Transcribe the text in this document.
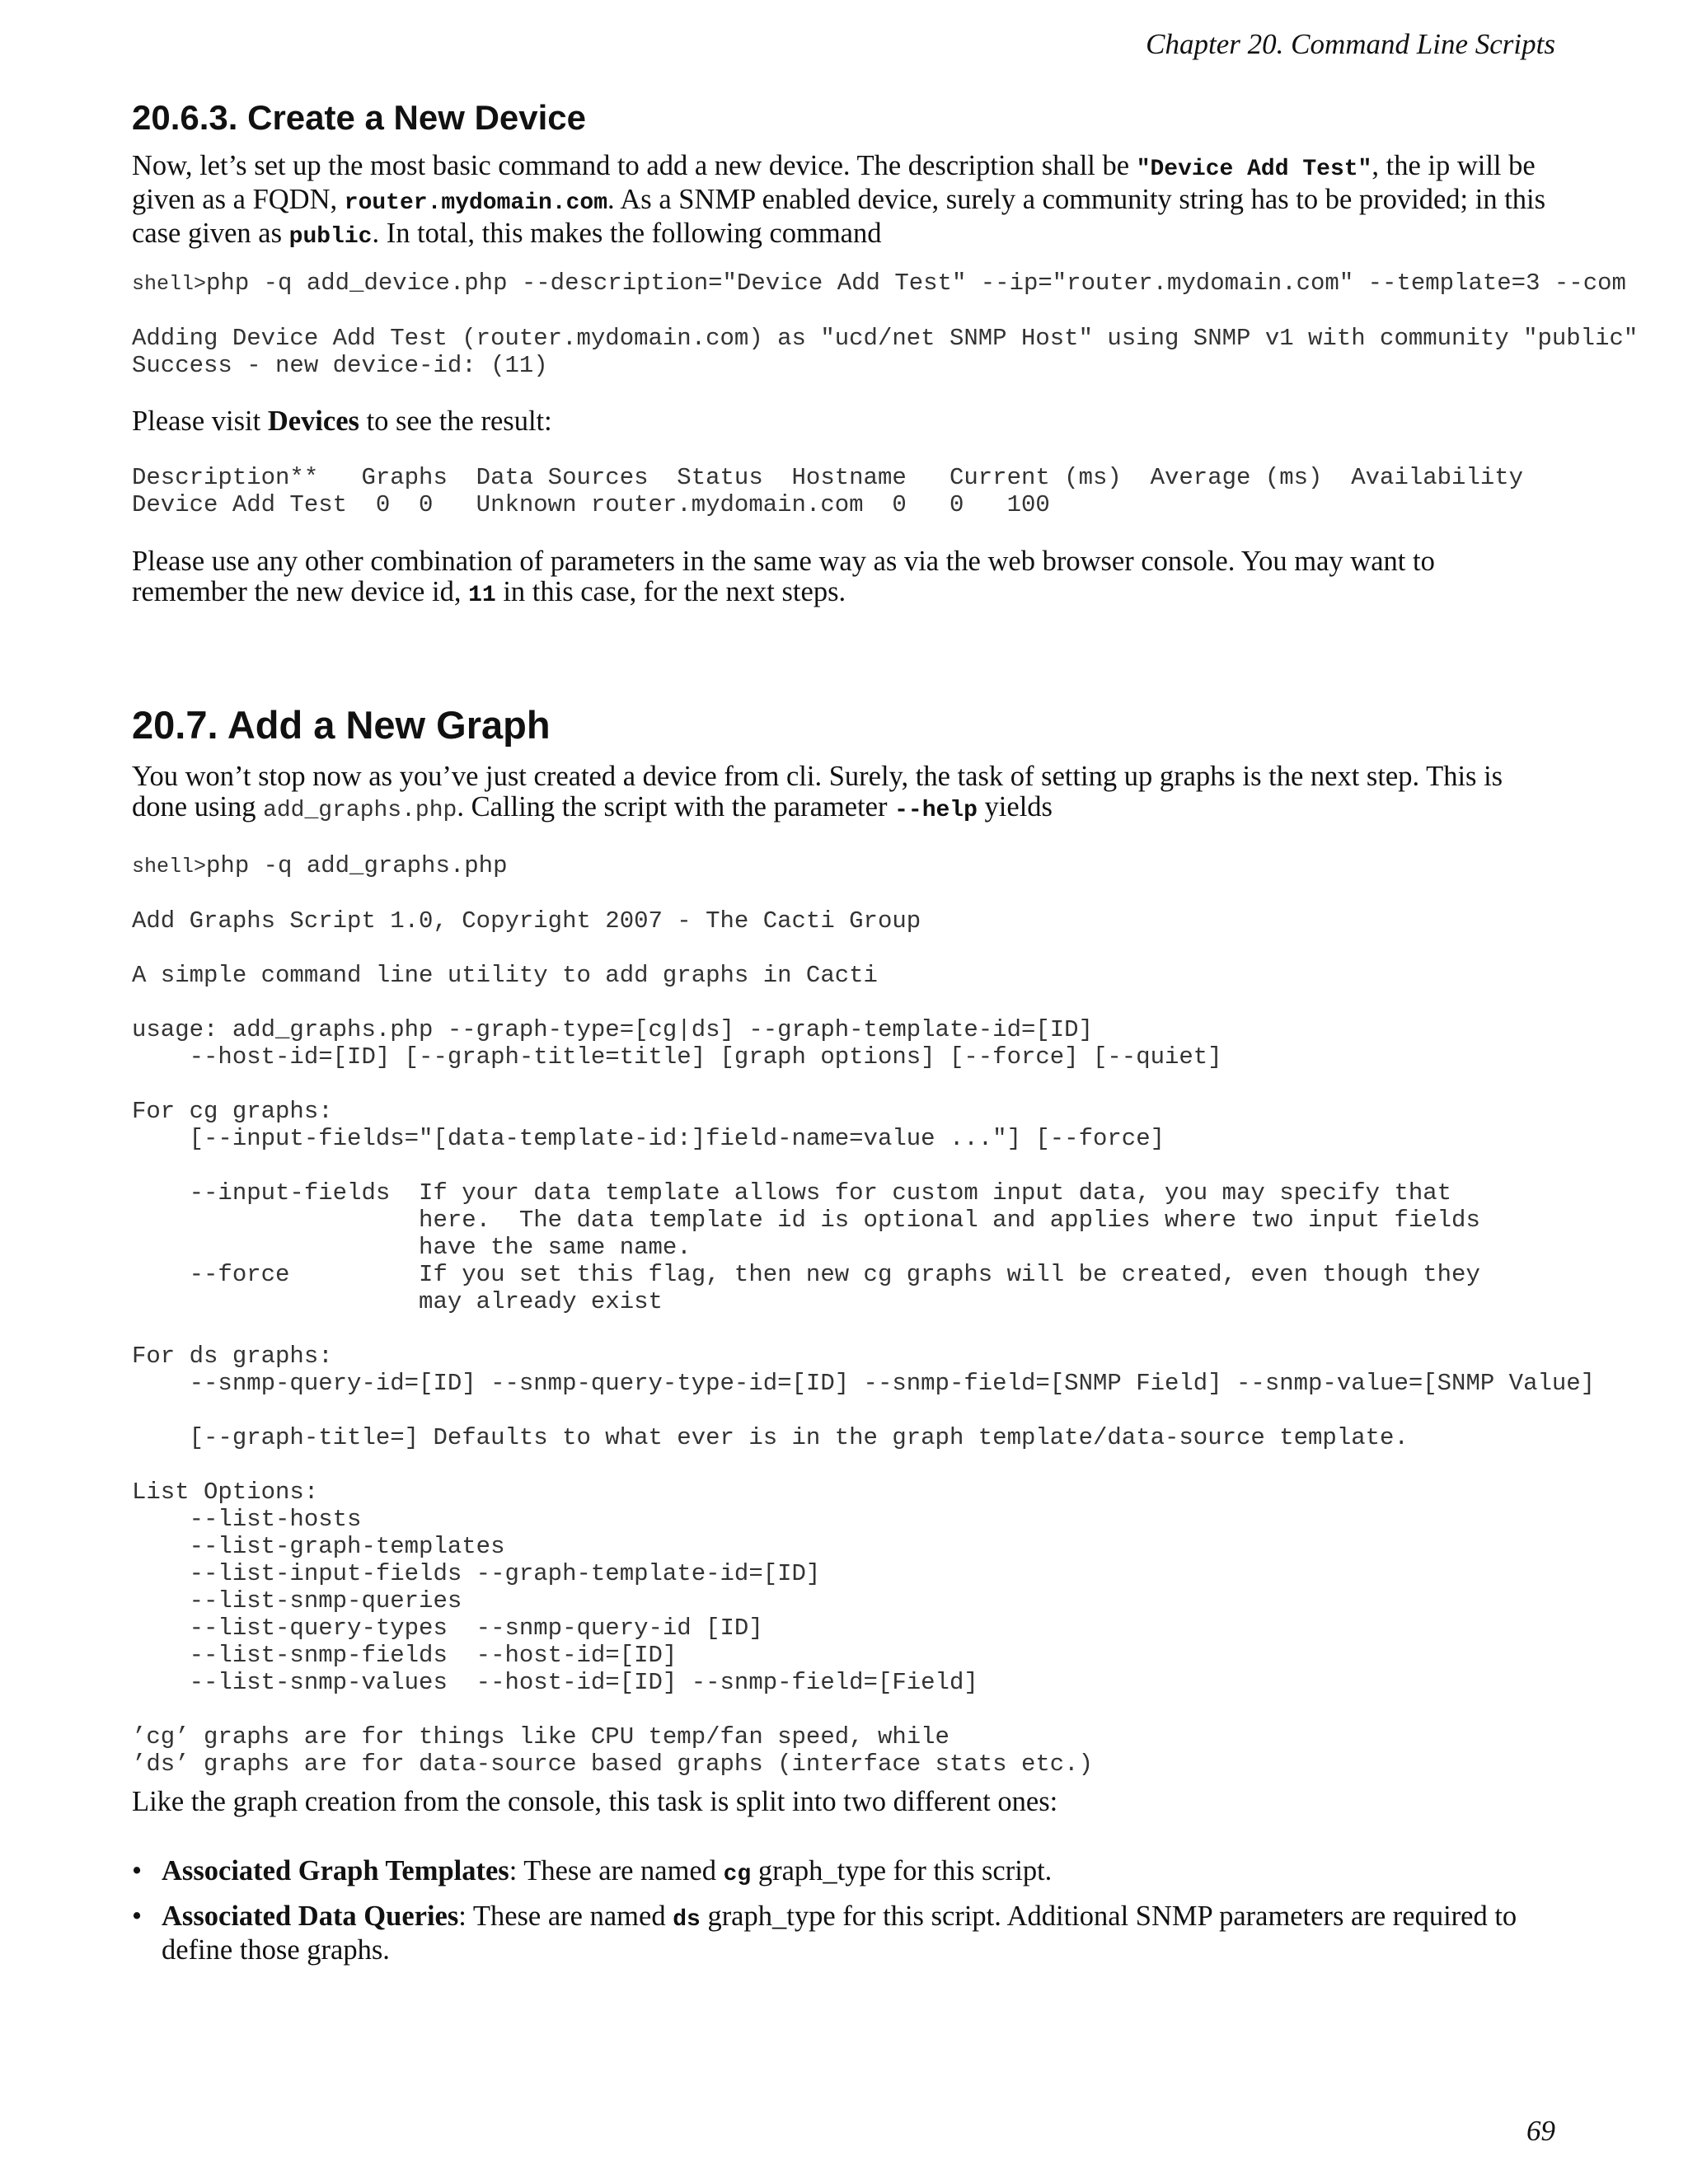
Chapter 20. Command Line Scripts
20.6.3. Create a New Device

Now, let’s set up the most basic command to add a new device. The description shall be "Device Add Test", the ip will be given as a FQDN, router.mydomain.com. As a SNMP enabled device, surely a community string has to be provided; in this case given as public. In total, this makes the following command

shell>php -q add_device.php --description="Device Add Test" --ip="router.mydomain.com" --template=3 --com

Adding Device Add Test (router.mydomain.com) as "ucd/net SNMP Host" using SNMP v1 with community "public"
Success - new device-id: (11)

Please visit Devices to see the result:

Description**   Graphs  Data Sources  Status  Hostname   Current (ms)  Average (ms)  Availability
Device Add Test  0  0   Unknown router.mydomain.com  0   0   100

Please use any other combination of parameters in the same way as via the web browser console. You may want to remember the new device id, 11 in this case, for the next steps.

20.7. Add a New Graph

You won’t stop now as you’ve just created a device from cli. Surely, the task of setting up graphs is the next step. This is done using add_graphs.php. Calling the script with the parameter --help yields

shell>php -q add_graphs.php

Add Graphs Script 1.0, Copyright 2007 - The Cacti Group

A simple command line utility to add graphs in Cacti

usage: add_graphs.php --graph-type=[cg|ds] --graph-template-id=[ID]
--host-id=[ID] [--graph-title=title] [graph options] [--force] [--quiet]

For cg graphs:
[--input-fields="[data-template-id:]field-name=value ..."] [--force]

--input-fields  If your data template allows for custom input data, you may specify that
here.  The data template id is optional and applies where two input fields
have the same name.
--force         If you set this flag, then new cg graphs will be created, even though they
may already exist

For ds graphs:
--snmp-query-id=[ID] --snmp-query-type-id=[ID] --snmp-field=[SNMP Field] --snmp-value=[SNMP Value]

[--graph-title=] Defaults to what ever is in the graph template/data-source template.

List Options:
--list-hosts
--list-graph-templates
--list-input-fields --graph-template-id=[ID]
--list-snmp-queries
--list-query-types  --snmp-query-id [ID]
--list-snmp-fields  --host-id=[ID]
--list-snmp-values  --host-id=[ID] --snmp-field=[Field]

’cg’ graphs are for things like CPU temp/fan speed, while
’ds’ graphs are for data-source based graphs (interface stats etc.)

Like the graph creation from the console, this task is split into two different ones:

• Associated Graph Templates: These are named cg graph_type for this script.
• Associated Data Queries: These are named ds graph_type for this script. Additional SNMP parameters are required to define those graphs.
69
